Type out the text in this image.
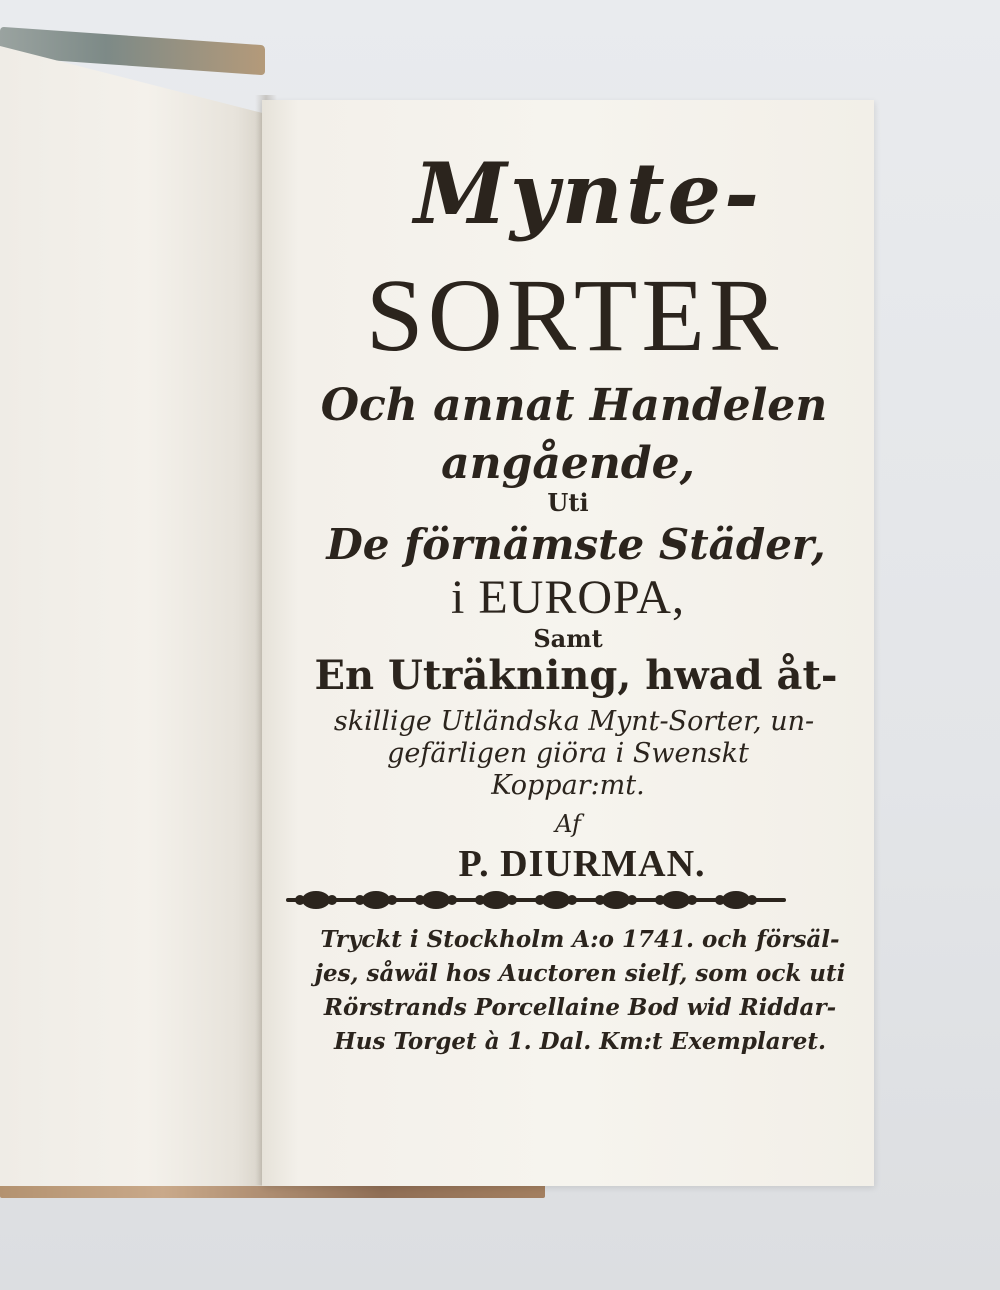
Mynte-
SORTER
Och annat Handelen
angående,
Uti
De förnämste Städer,
i EUROPA,
Samt
En Uträkning, hwad åt-
skillige Utländska Mynt-Sorter, un-
gefärligen giöra i Swenskt
Koppar:mt.
Af
P. DIURMAN.
Tryckt i Stockholm A:o 1741. och försäl-
jes, såwäl hos Auctoren sielf, som ock uti
Rörstrands Porcellaine Bod wid Riddar-
Hus Torget à 1. Dal. Km:t Exemplaret.
